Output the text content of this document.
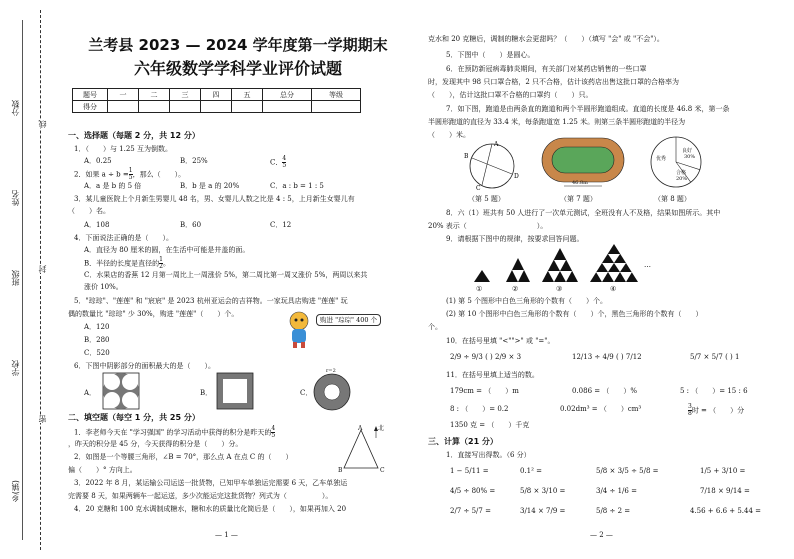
分数
线
姓名
班级
封
学校
密
乡(镇)
兰考县 2023 — 2024 学年度第一学期期末
六年级数学学科学业评价试题
题号	一	二	三	四	五	总分	等级
得分							
一、选择题（每题 2 分，共 12 分）
1．（　　）与 1.25 互为倒数。
A．0.25	B．25%	C． $\frac{4}{5}$
2．如果 $a \div b = \frac{1}{5}$ ，那么（　　）。
A．a 是 b 的 5 倍	B．b 是 a 的 20%	C．a : b = 1 : 5
3．某儿童医院上个月新生男婴儿 48 名，男、女婴儿人数之比是 4 : 5，上月新生女婴儿有
（　　）名。
A．108	B．60	C．12
4．下面说法正确的是（　　）。
A．直径为 80 厘米的圆，在生活中可能是井盖的面。
B．半径的长度是直径的 $\frac{1}{2}$ 。
C．水果店的香蕉 12 月第一周比上一周涨价 5%，第二周比第一周又涨价 5%，两周以来共
涨价 10%。
5．"琮琮"、"莲莲" 和 "宸宸" 是 2023 杭州亚运会的吉祥物。一家玩具店购进 "莲莲" 玩
偶的数量比 "琮琮" 少 30%，购进 "莲莲"（　　）个。
购进 "琮琮" 400 个
A．120
B．280
C．520
6．下图中阴影部分的面积最大的是（　　）。
A．	B．	C．
r=2
二、填空题（每空 1 分，共 25 分）
1．李老师今天在 "学习强国" 的学习活动中获得的积分是昨天的 $\frac{4}{5}$
，昨天的积分是 45 分，今天获得的积分是（　　）分。
2．如图是一个等腰三角形，∠B = 70°，那么点 A 在点 C 的（　　）
偏（　　）° 方向上。
北
A
B	C
3．2022 年 8 月，某运输公司运送一批货物，已知甲车单独运完需要 6 天，乙车单独运
完需要 8 天，如果两辆车一起运送，多少次能运完这批货物？列式为（　　　　　）。
4．20 克糖和 100 克水调制成糖水，糖和水的质量比化简后是（　　），如果再加入 20
— 1 —
克水和 20 克糖后，调制的糖水会更甜吗？（　　）（填写 "会" 或 "不会"）。
5．下图中（　　）是圆心。
6．在预防新冠病毒肺炎期间，有关部门对某药店销售的一些口罩
时，发现其中 98 只口罩合格，2 只不合格，估计该药店出售这批口罩的合格率为
（　　），估计这批口罩不合格的口罩约（　　）只。
7．如下图，跑道是由两条直的跑道和两个半圆形跑道组成。直道的长度是 46.8 米，第一条
半圆形跑道的直径为 33.4 米，每条跑道宽 1.25 米。则第三条半圆形跑道的半径为
（　　）米。
B
D
A
C
46.8m
优秀
良好
30%
合格
20%
（第 5 题）	（第 7 题）	（第 8 题）
8．六（1）班共有 50 人进行了一次单元测试，全班没有人不及格，结果如图所示。其中
20% 表示（　　　　　　　　　　）。
9．请根据下图中的规律，按要求回答问题。
①	②	③	④
…
(1) 第 5 个图形中白色三角形的个数有（　　）个。
(2) 第 10 个图形中白色三角形的个数有（　　）个，黑色三角形的个数有（　　）
个。
10．在括号里填 "<"">" 或 "="。
2/9 ÷ 9/3 ( ) 2/9 × 3	12/13 ÷ 4/9 ( ) 7/12	5/7 × 5/7 ( ) 1
11．在括号里填上适当的数。
179cm = （　　）m	0.086 = （　　）%	5 : （　　）= 15 : 6
8 : （　　）= 0.2	0.02dm³ = （　　）cm³	$\frac{3}{8}$ 时 = （　　）分
1350 克 = （　　）千克
三、计算（21 分）
1．直接写出得数。（6 分）
1 − 5/11 =	0.1² =	5/8 × 3/5 ÷ 5/8 =	1/5 + 3/10 =
4/5 ÷ 80% =	5/8 × 3/10 =	3/4 ÷ 1/6 =	7/18 × 9/14 =
2/7 ÷ 5/7 =	3/14 × 7/9 =	5/8 ÷ 2 =	4.56 + 6.6 + 5.44 =
— 2 —
